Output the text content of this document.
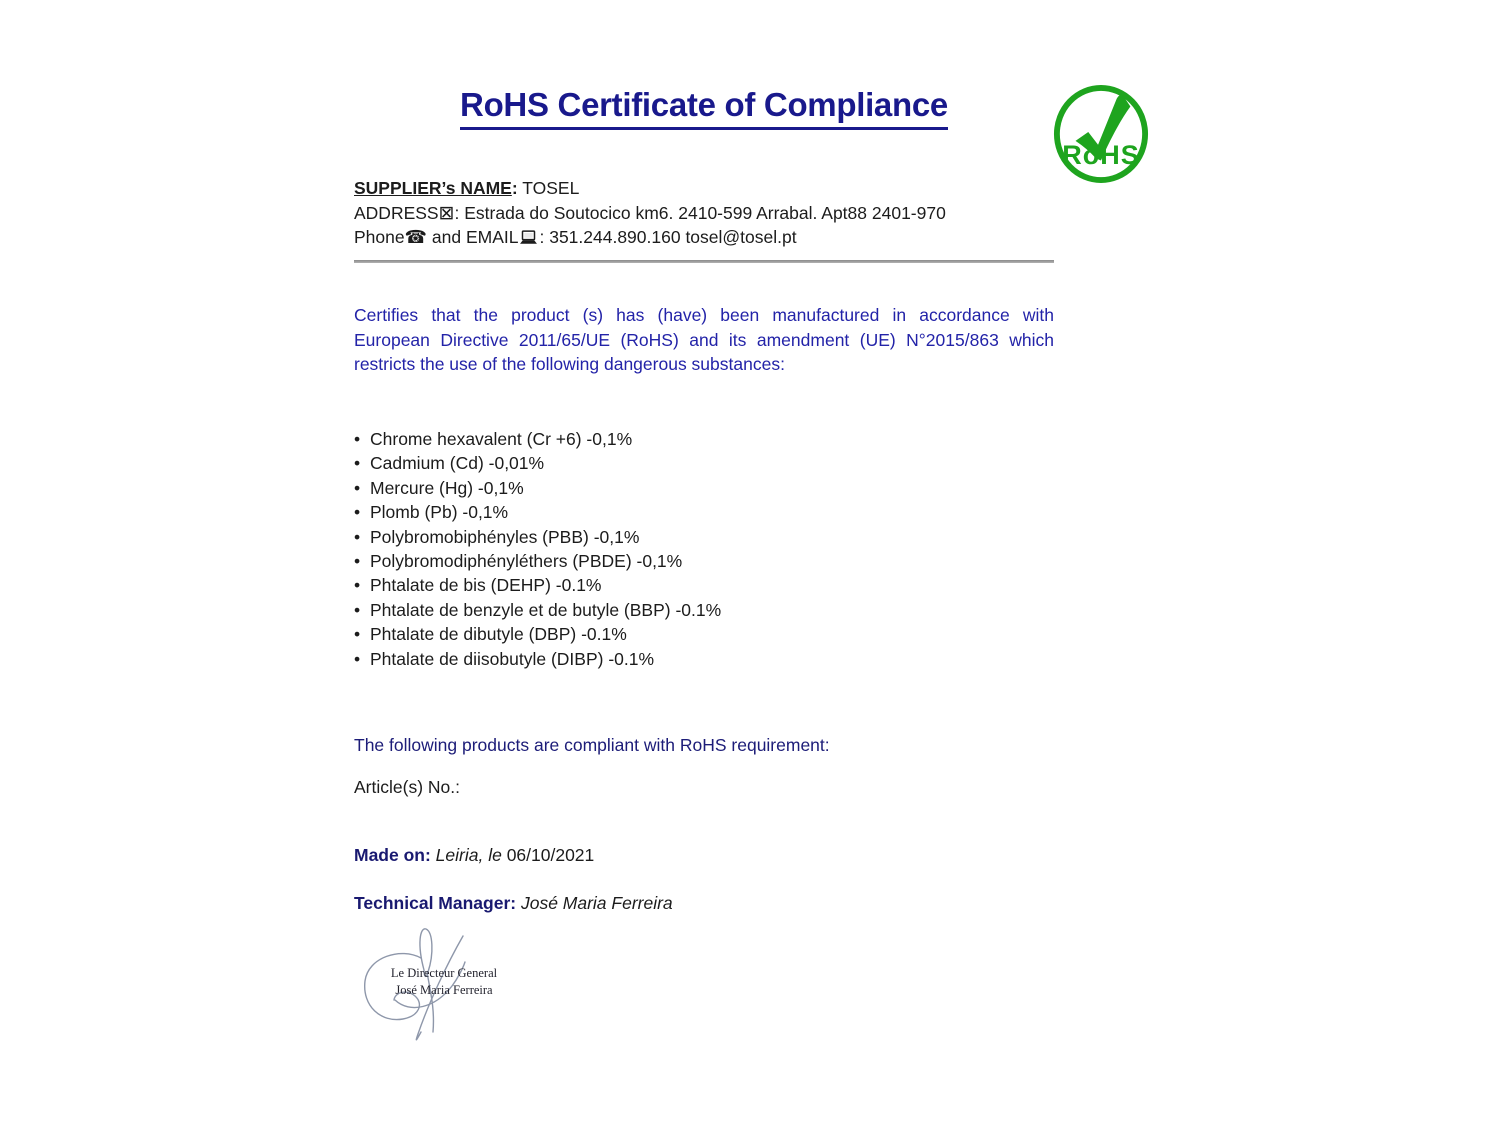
RoHS Certificate of Compliance
RoHS
SUPPLIER’s NAME: TOSEL
ADDRESS⊠: Estrada do Soutocico km6. 2410-599 Arrabal. Apt88 2401-970
Phone☎ and EMAIL : 351.244.890.160 tosel@tosel.pt
Certifies that the product (s) has (have) been manufactured in accordance with
European Directive 2011/65/UE (RoHS) and its amendment (UE) N°2015/863 which
restricts the use of the following dangerous substances:
• Chrome hexavalent (Cr +6) -0,1%
• Cadmium (Cd) -0,01%
• Mercure (Hg) -0,1%
• Plomb (Pb) -0,1%
• Polybromobiphényles (PBB) -0,1%
• Polybromodiphényléthers (PBDE) -0,1%
• Phtalate de bis (DEHP) -0.1%
• Phtalate de benzyle et de butyle (BBP) -0.1%
• Phtalate de dibutyle (DBP) -0.1%
• Phtalate de diisobutyle (DIBP) -0.1%
The following products are compliant with RoHS requirement:
Article(s) No.:
Made on: Leiria, le 06/10/2021
Technical Manager: José Maria Ferreira
Le Directeur General
José Maria Ferreira
